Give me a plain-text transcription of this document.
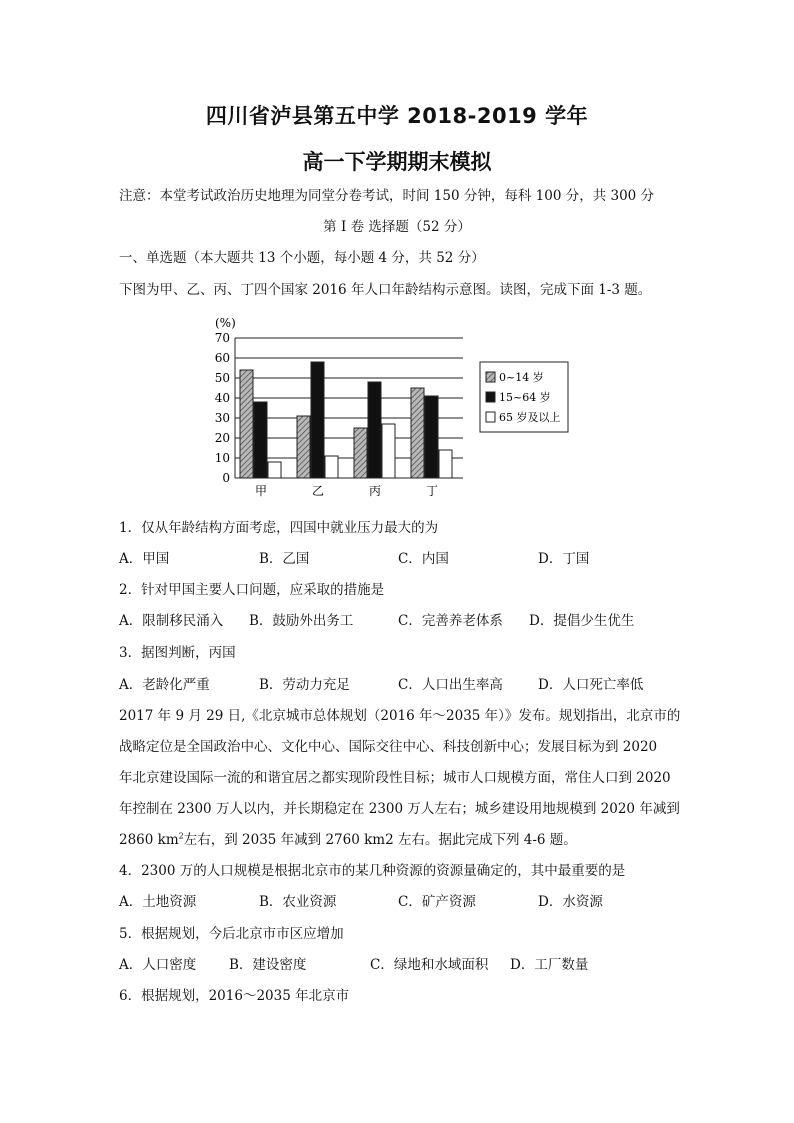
四川省泸县第五中学 2018-2019 学年
高一下学期期末模拟
注意：本堂考试政治历史地理为同堂分卷考试，时间 150 分钟，每科 100 分，共 300 分
第 I 卷 选择题（52 分）
一、单选题（本大题共 13 个小题，每小题 4 分，共 52 分）
下图为甲、乙、丙、丁四个国家 2016 年人口年龄结构示意图。读图，完成下面 1-3 题。
(%)
0
10
20
30
40
50
60
70
甲	乙	丙	丁
0~14 岁
15~64 岁
65 岁及以上
1．仅从年龄结构方面考虑，四国中就业压力最大的为
A．甲国	B．乙国	C．内国	D．丁国
2．针对甲国主要人口问题，应采取的措施是
A．限制移民涌入 B．鼓励外出务工	C．完善养老体系 D．提倡少生优生
3．据图判断，丙国
A．老龄化严重	B．劳动力充足	C．人口出生率高	D．人口死亡率低
2017 年 9 月 29 日,《北京城市总体规划（2016 年～2035 年）》发布。规划指出，北京市的
战略定位是全国政治中心、文化中心、国际交往中心、科技创新中心；发展目标为到 2020
年北京建设国际一流的和谐宜居之都实现阶段性目标；城市人口规模方面，常住人口到 2020
年控制在 2300 万人以内，并长期稳定在 2300 万人左右；城乡建设用地规模到 2020 年减到
2860 $km^2$左右，到 2035 年减到 2760 km2 左右。据此完成下列 4-6 题。
4．2300 万的人口规模是根据北京市的某几种资源的资源量确定的，其中最重要的是
A．土地资源	B．农业资源	C．矿产资源	D．水资源
5．根据规划，今后北京市市区应增加
A．人口密度 B．建设密度	C．绿地和水域面积 D．工厂数量
6．根据规划，2016～2035 年北京市
